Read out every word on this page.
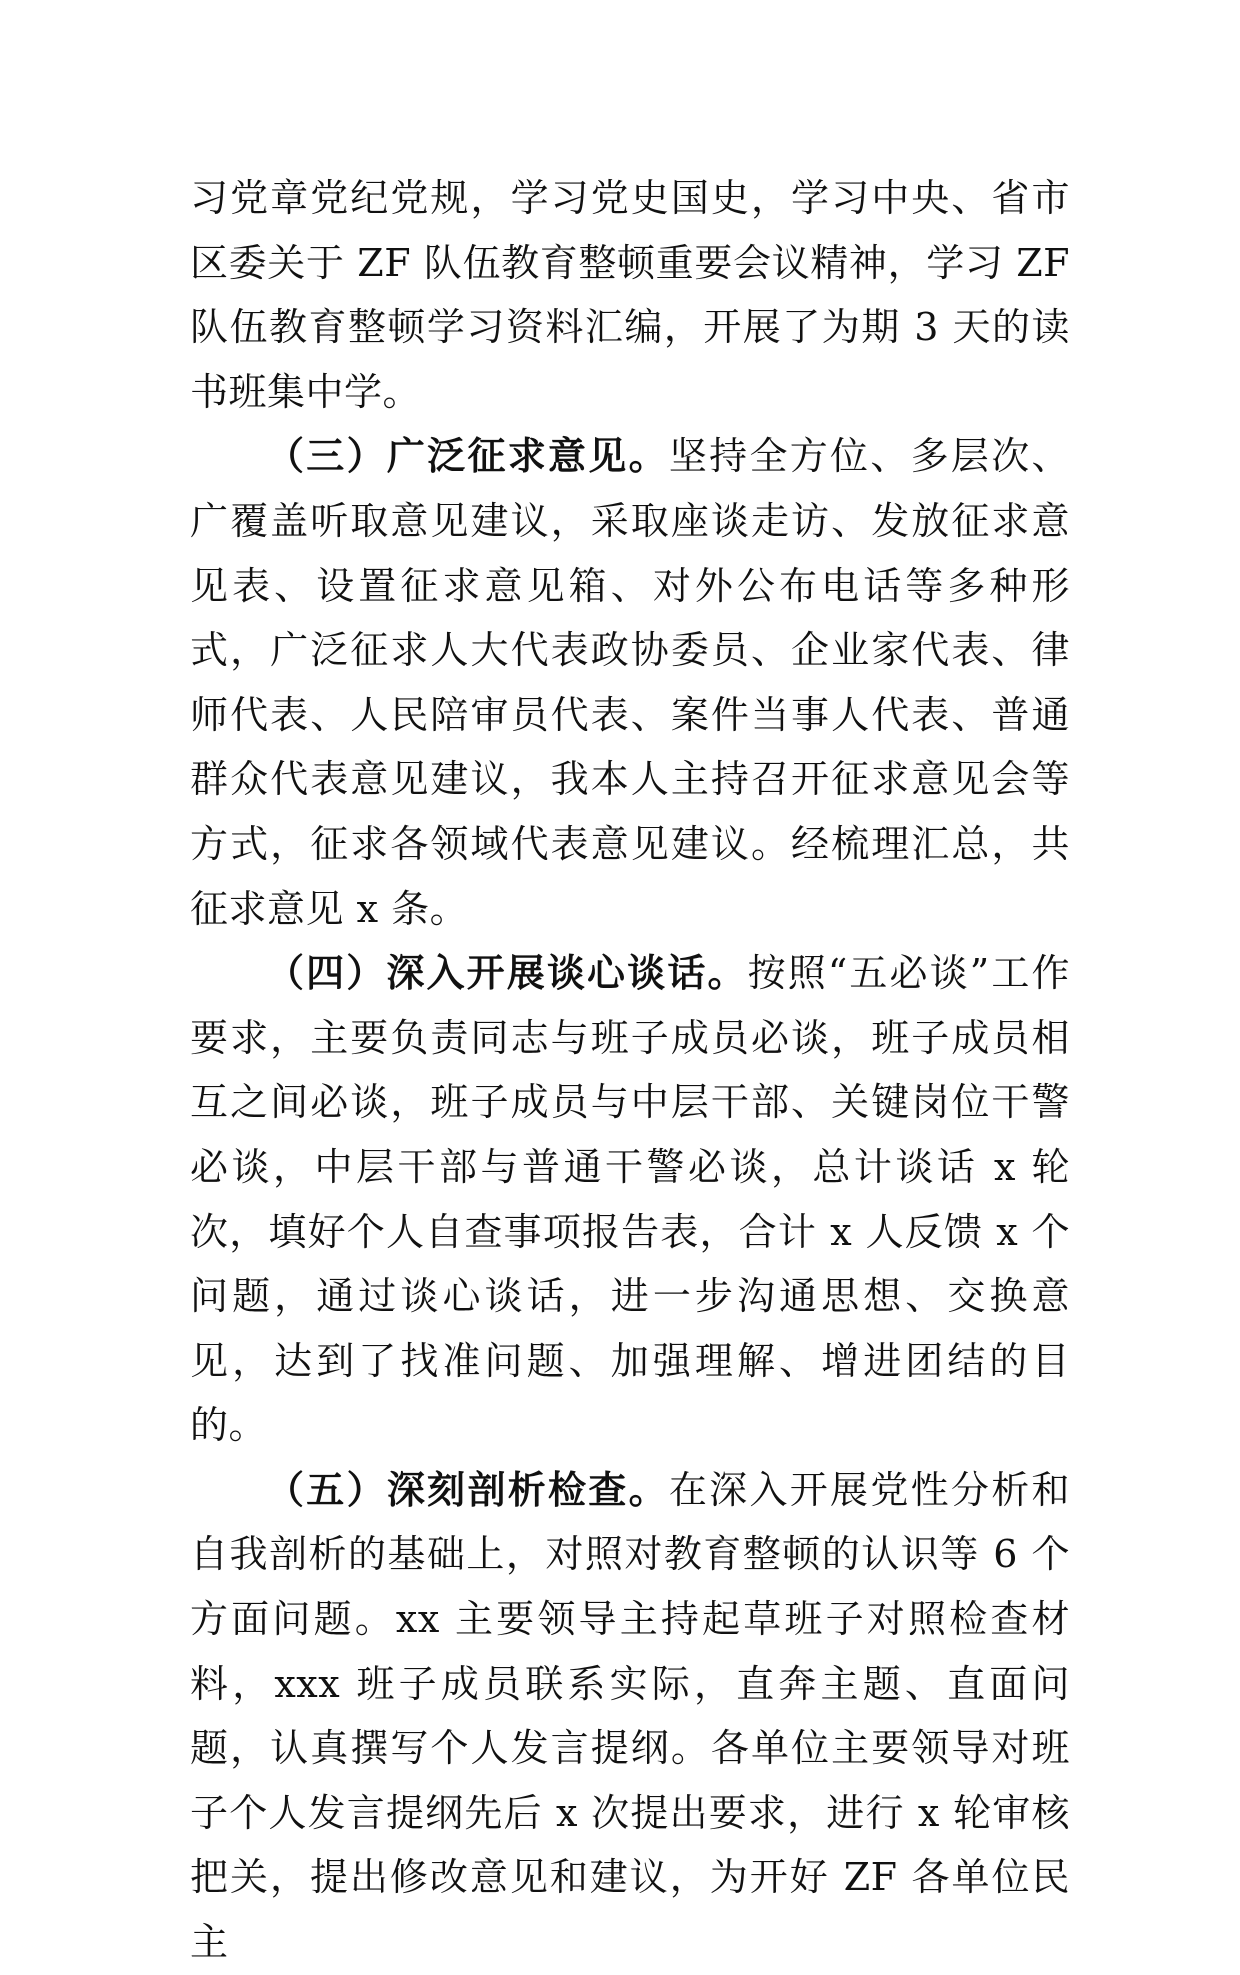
习党章党纪党规，学习党史国史，学习中央、省市区委关于 ZF 队伍教育整顿重要会议精神，学习 ZF 队伍教育整顿学习资料汇编，开展了为期 3 天的读书班集中学。

（三）广泛征求意见。坚持全方位、多层次、广覆盖听取意见建议，采取座谈走访、发放征求意见表、设置征求意见箱、对外公布电话等多种形式，广泛征求人大代表政协委员、企业家代表、律师代表、人民陪审员代表、案件当事人代表、普通群众代表意见建议，我本人主持召开征求意见会等方式，征求各领域代表意见建议。经梳理汇总，共征求意见 x 条。

（四）深入开展谈心谈话。按照“五必谈”工作要求，主要负责同志与班子成员必谈，班子成员相互之间必谈，班子成员与中层干部、关键岗位干警必谈，中层干部与普通干警必谈，总计谈话 x 轮次，填好个人自查事项报告表，合计 x 人反馈 x 个问题，通过谈心谈话，进一步沟通思想、交换意见，达到了找准问题、加强理解、增进团结的目的。

（五）深刻剖析检查。在深入开展党性分析和自我剖析的基础上，对照对教育整顿的认识等 6 个方面问题。xx 主要领导主持起草班子对照检查材料，xxx 班子成员联系实际，直奔主题、直面问题，认真撰写个人发言提纲。各单位主要领导对班子个人发言提纲先后 x 次提出要求，进行 x 轮审核把关，提出修改意见和建议，为开好 ZF 各单位民主
